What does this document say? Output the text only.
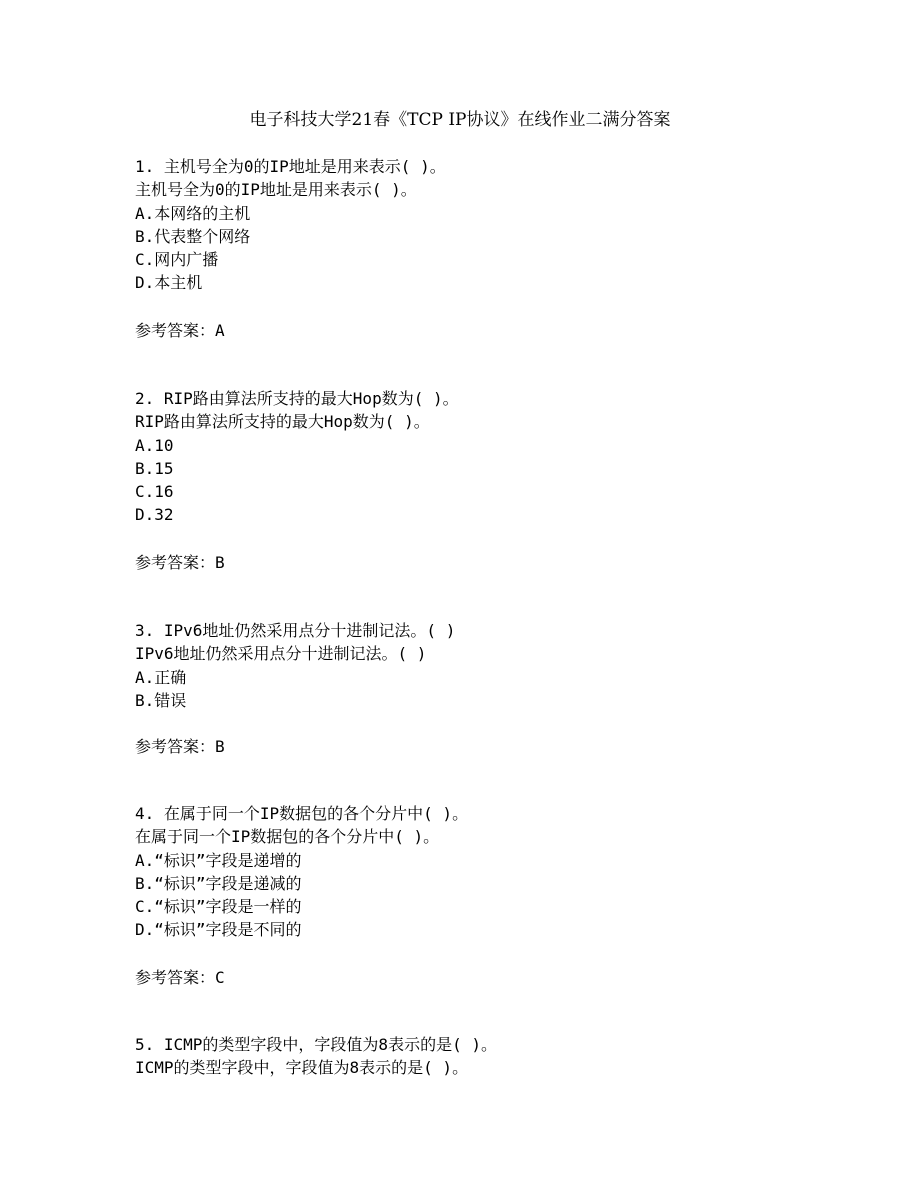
电子科技大学21春《TCP IP协议》在线作业二满分答案
1. 主机号全为0的IP地址是用来表示( )。
主机号全为0的IP地址是用来表示( )。
A.本网络的主机
B.代表整个网络
C.网内广播
D.本主机
参考答案：A
2. RIP路由算法所支持的最大Hop数为( )。
RIP路由算法所支持的最大Hop数为( )。
A.10
B.15
C.16
D.32
参考答案：B
3. IPv6地址仍然采用点分十进制记法。( )
IPv6地址仍然采用点分十进制记法。( )
A.正确
B.错误
参考答案：B
4. 在属于同一个IP数据包的各个分片中( )。
在属于同一个IP数据包的各个分片中( )。
A.“标识”字段是递增的
B.“标识”字段是递减的
C.“标识”字段是一样的
D.“标识”字段是不同的
参考答案：C
5. ICMP的类型字段中，字段值为8表示的是( )。
ICMP的类型字段中，字段值为8表示的是( )。
